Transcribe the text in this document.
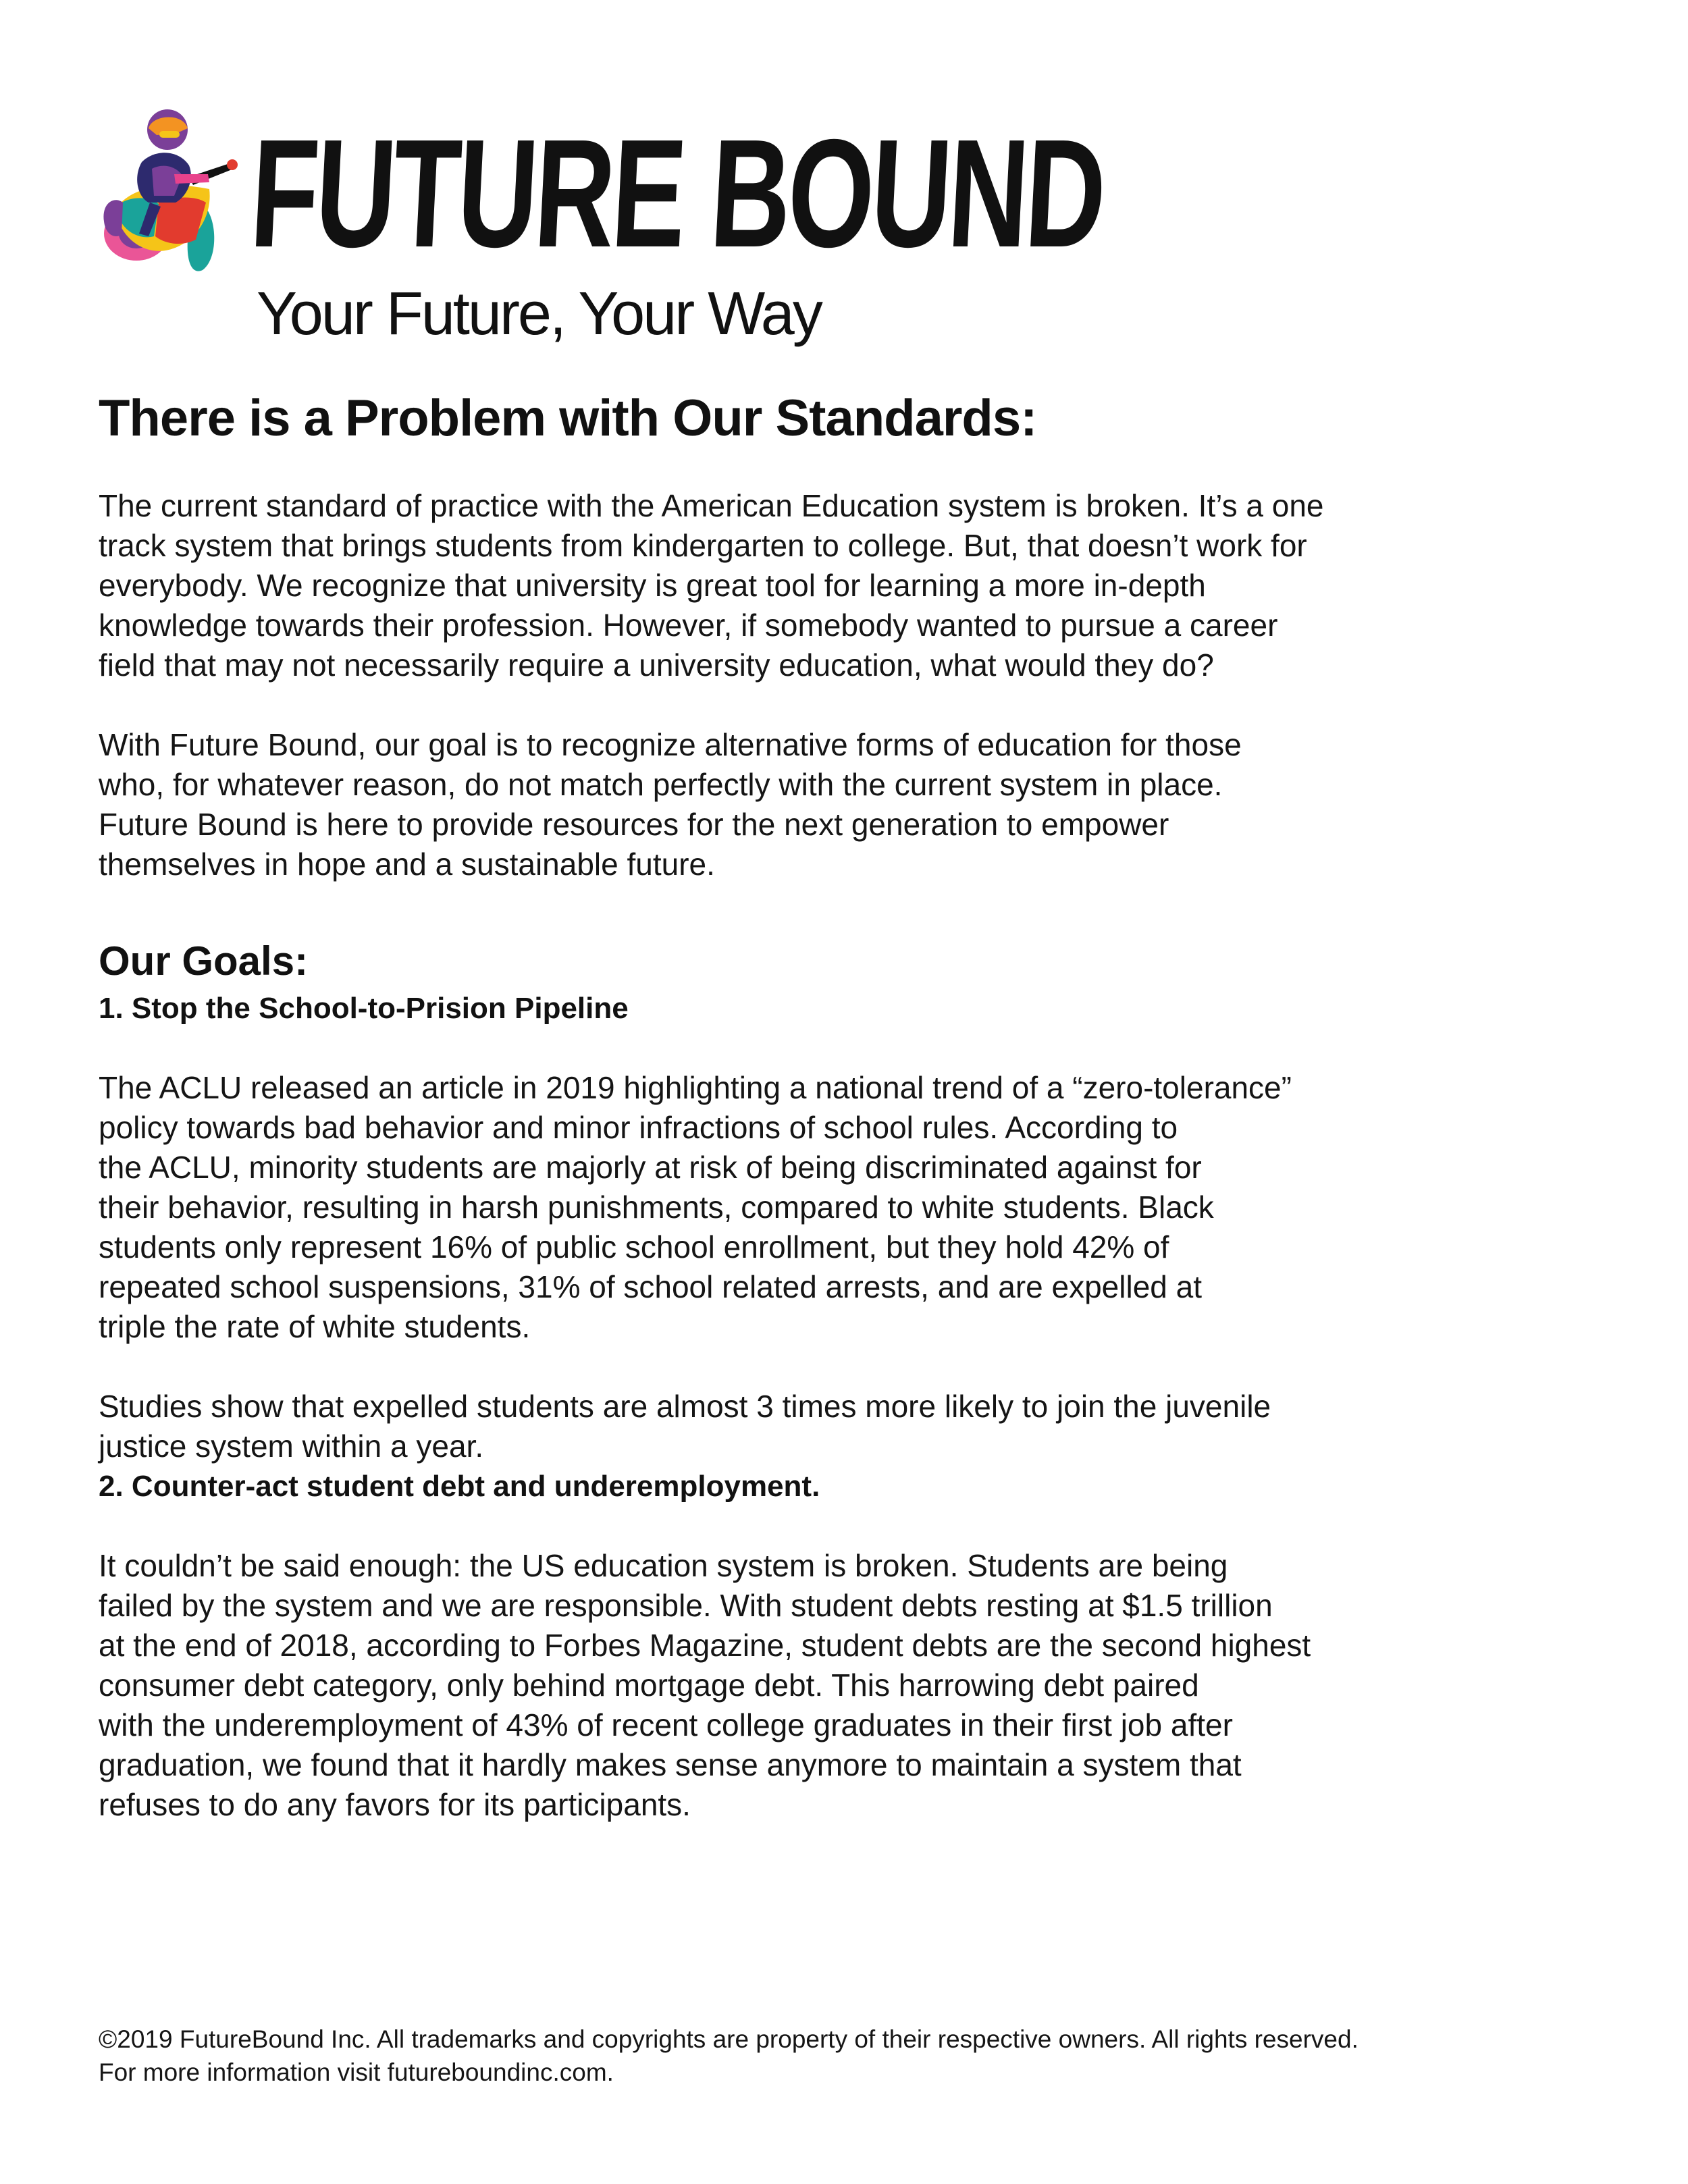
FUTURE BOUND
Your Future, Your Way
There is a Problem with Our Standards:

The current standard of practice with the American Education system is broken. It’s a one
track system that brings students from kindergarten to college. But, that doesn’t work for
everybody. We recognize that university is great tool for learning a more in-depth
knowledge towards their profession. However, if somebody wanted to pursue a career
field that may not necessarily require a university education, what would they do?

With Future Bound, our goal is to recognize alternative forms of education for those
who, for whatever reason, do not match perfectly with the current system in place.
Future Bound is here to provide resources for the next generation to empower
themselves in hope and a sustainable future.

Our Goals:
1. Stop the School-to-Prision Pipeline

The ACLU released an article in 2019 highlighting a national trend of a “zero-tolerance”
policy towards bad behavior and minor infractions of school rules. According to
the ACLU, minority students are majorly at risk of being discriminated against for
their behavior, resulting in harsh punishments, compared to white students. Black
students only represent 16% of public school enrollment, but they hold 42% of
repeated school suspensions, 31% of school related arrests, and are expelled at
triple the rate of white students.

Studies show that expelled students are almost 3 times more likely to join the juvenile
justice system within a year.

2. Counter-act student debt and underemployment.

It couldn’t be said enough: the US education system is broken. Students are being
failed by the system and we are responsible. With student debts resting at $1.5 trillion
at the end of 2018, according to Forbes Magazine, student debts are the second highest
consumer debt category, only behind mortgage debt. This harrowing debt paired
with the underemployment of 43% of recent college graduates in their first job after
graduation, we found that it hardly makes sense anymore to maintain a system that
refuses to do any favors for its participants.

©2019 FutureBound Inc. All trademarks and copyrights are property of their respective owners. All rights reserved.
For more information visit futureboundinc.com.
